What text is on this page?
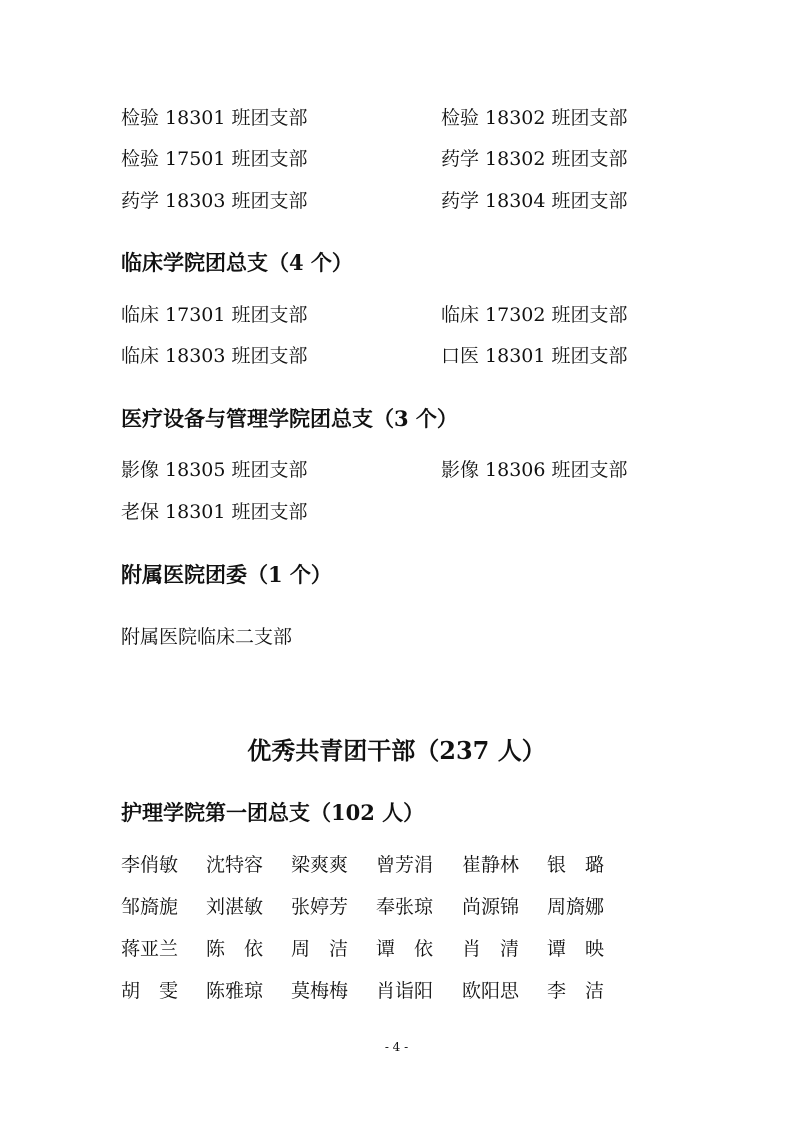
检验 18301 班团支部	检验 18302 班团支部
检验 17501 班团支部	药学 18302 班团支部
药学 18303 班团支部	药学 18304 班团支部
临床学院团总支（4 个）
临床 17301 班团支部	临床 17302 班团支部
临床 18303 班团支部	口医 18301 班团支部
医疗设备与管理学院团总支（3 个）
影像 18305 班团支部	影像 18306 班团支部
老保 18301 班团支部
附属医院团委（1 个）
附属医院临床二支部
优秀共青团干部（237 人）
护理学院第一团总支（102 人）
李俏敏 沈特容 梁爽爽 曾芳涓 崔静林 银　璐
邹旖旎 刘湛敏 张婷芳 奉张琼 尚源锦 周旖娜
蒋亚兰 陈　依 周　洁 谭　依 肖　清 谭　映
胡　雯 陈雅琼 莫梅梅 肖诣阳 欧阳思 李　洁
- 4 -
